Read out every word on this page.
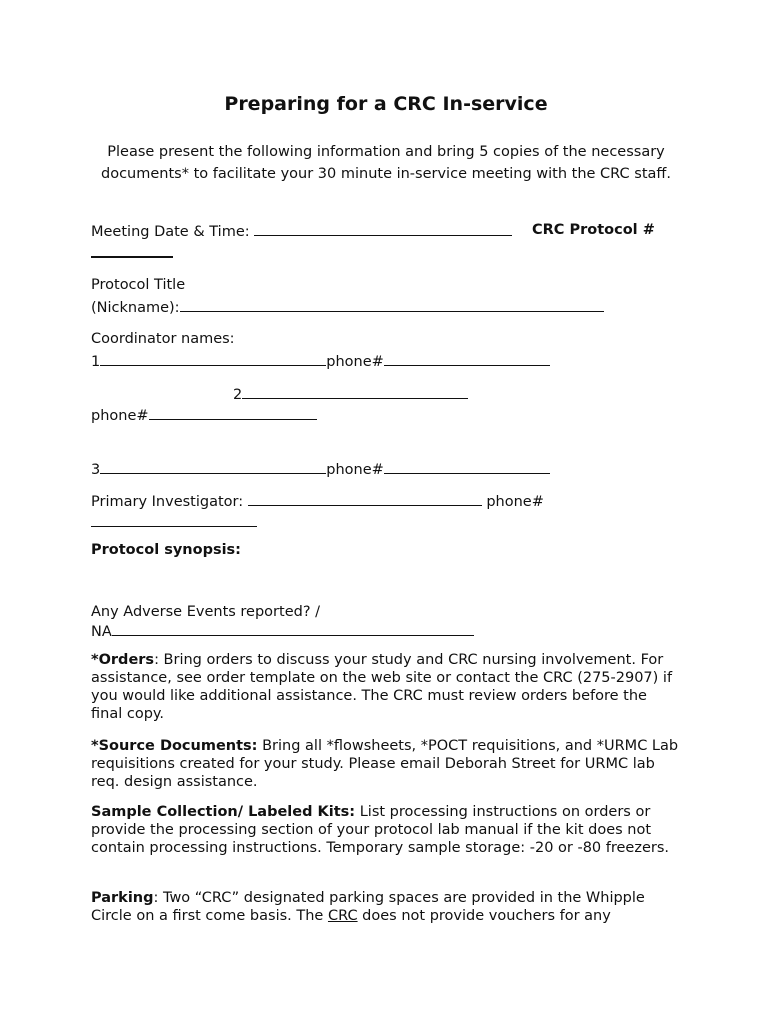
Preparing for a CRC In-service

Please present the following information and bring 5 copies of the necessary documents* to facilitate your 30 minute in-service meeting with the CRC staff.

Meeting Date & Time:	CRC Protocol #
Protocol Title
(Nickname):
Coordinator names:
1	phone#
2
phone#
3	phone#
Primary Investigator:	phone#
Protocol synopsis:
Any Adverse Events reported? /
NA

*Orders: Bring orders to discuss your study and CRC nursing involvement. For assistance, see order template on the web site or contact the CRC (275-2907) if you would like additional assistance. The CRC must review orders before the final copy.

*Source Documents: Bring all *flowsheets, *POCT requisitions, and *URMC Lab requisitions created for your study. Please email Deborah Street for URMC lab req. design assistance.

Sample Collection/ Labeled Kits: List processing instructions on orders or provide the processing section of your protocol lab manual if the kit does not contain processing instructions. Temporary sample storage: -20 or -80 freezers.

Parking: Two “CRC” designated parking spaces are provided in the Whipple Circle on a first come basis. The CRC does not provide vouchers for any
